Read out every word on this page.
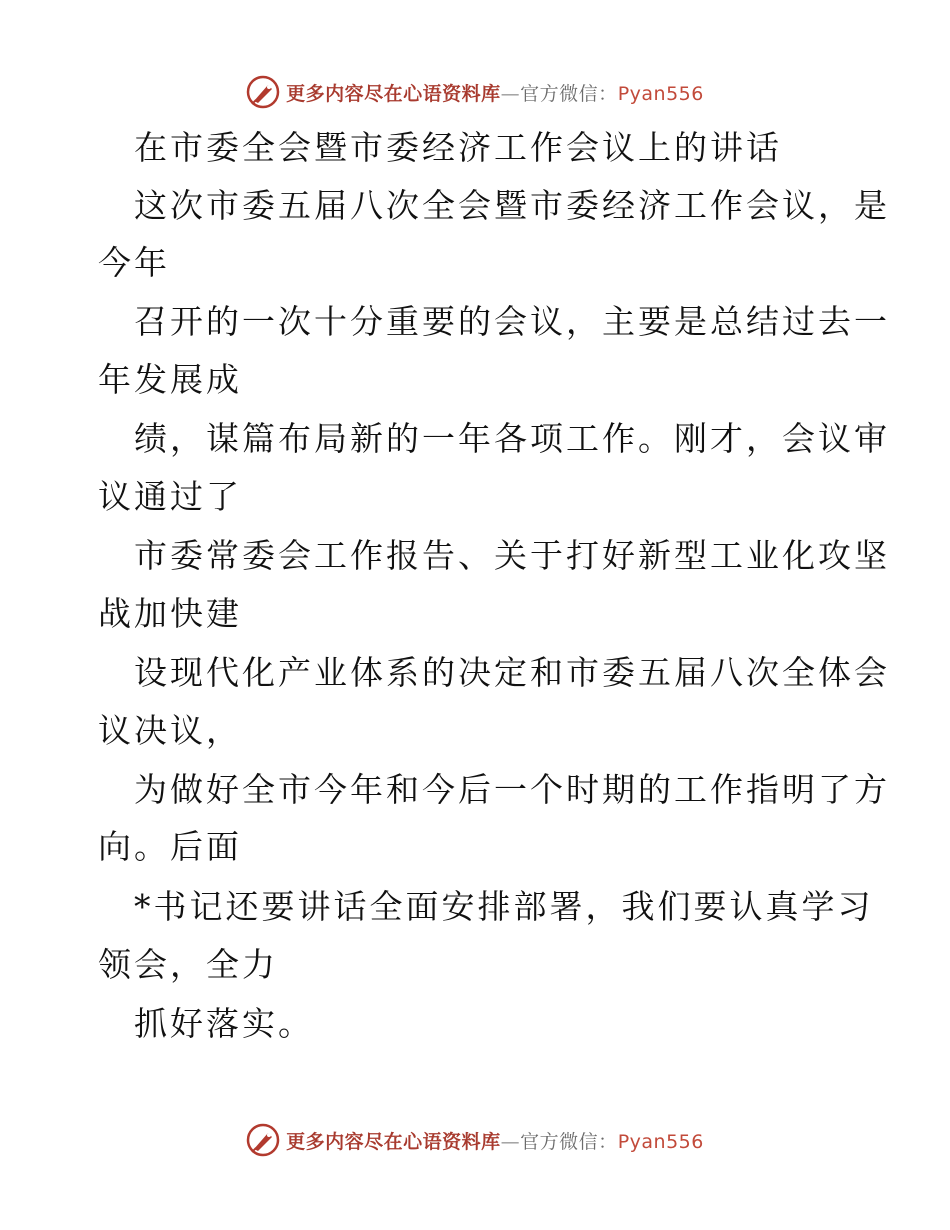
更多内容尽在心语资料库—官方微信：Pyan556
在市委全会暨市委经济工作会议上的讲话
这次市委五届八次全会暨市委经济工作会议，是
今年
召开的一次十分重要的会议，主要是总结过去一
年发展成
绩，谋篇布局新的一年各项工作。刚才，会议审
议通过了
市委常委会工作报告、关于打好新型工业化攻坚
战加快建
设现代化产业体系的决定和市委五届八次全体会
议决议，
为做好全市今年和今后一个时期的工作指明了方
向。后面
*书记还要讲话全面安排部署，我们要认真学习
领会，全力
抓好落实。
更多内容尽在心语资料库—官方微信：Pyan556
